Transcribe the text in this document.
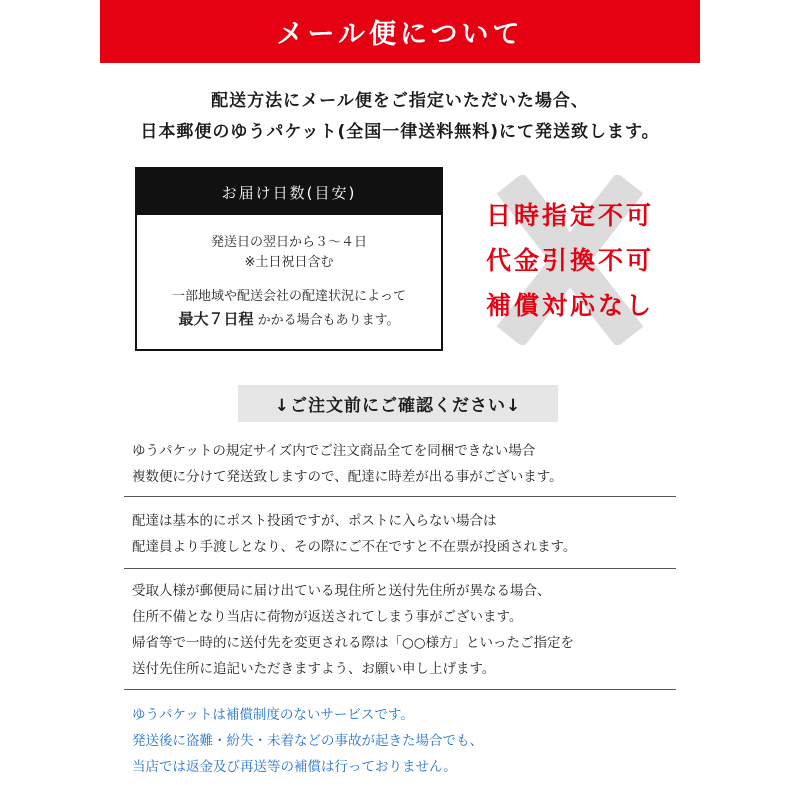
メール便について
配送方法にメール便をご指定いただいた場合、
日本郵便のゆうパケット(全国一律送料無料)にて発送致します。
お届け日数(目安)
発送日の翌日から３～４日
※土日祝日含む
一部地域や配送会社の配達状況によって
最大７日程 かかる場合もあります。
日時指定不可
代金引換不可
補償対応なし
↓ご注文前にご確認ください↓
ゆうパケットの規定サイズ内でご注文商品全てを同梱できない場合
複数便に分けて発送致しますので、配達に時差が出る事がございます。
配達は基本的にポスト投函ですが、ポストに入らない場合は
配達員より手渡しとなり、その際にご不在ですと不在票が投函されます。
受取人様が郵便局に届け出ている現住所と送付先住所が異なる場合、
住所不備となり当店に荷物が返送されてしまう事がございます。
帰省等で一時的に送付先を変更される際は「○○様方」といったご指定を
送付先住所に追記いただきますよう、お願い申し上げます。
ゆうパケットは補償制度のないサービスです。
発送後に盗難・紛失・未着などの事故が起きた場合でも、
当店では返金及び再送等の補償は行っておりません。
